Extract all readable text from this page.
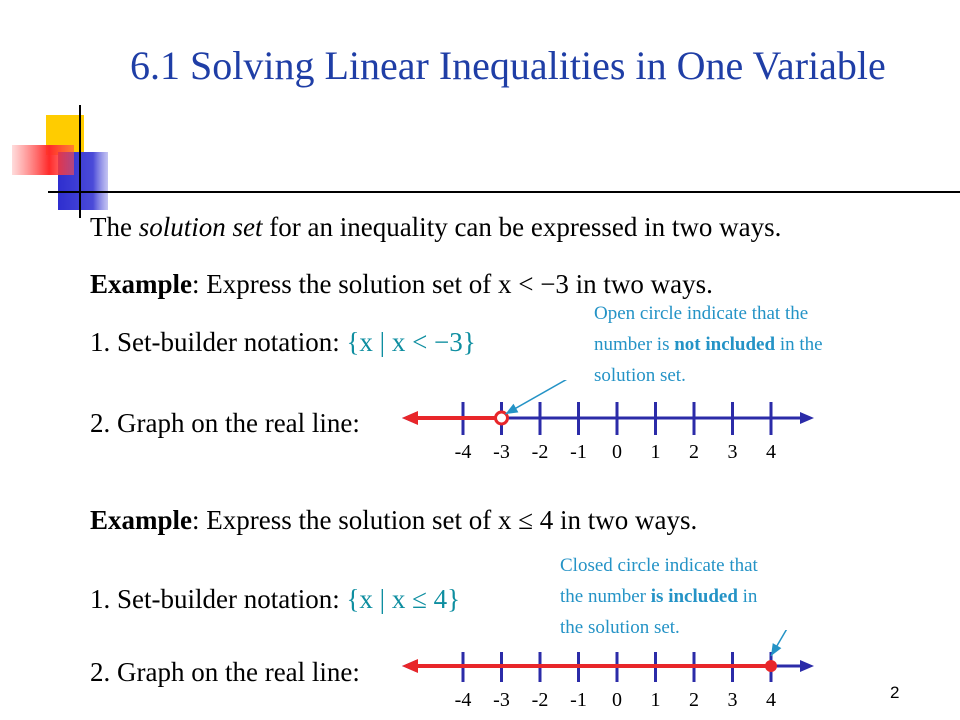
6.1 Solving Linear Inequalities in One Variable
The solution set for an inequality can be expressed in two ways.
Example: Express the solution set of x < −3 in two ways.
1. Set-builder notation: {x | x < −3}
2. Graph on the real line:
Open circle indicate that the
number is not included in the
solution set.
-4 -3 -2 -1 0 1 2 3 4
Example: Express the solution set of x ≤ 4 in two ways.
1. Set-builder notation: {x | x ≤ 4}
2. Graph on the real line:
Closed circle indicate that
the number is included in
the solution set.
-4 -3 -2 -1 0 1 2 3 4	2
